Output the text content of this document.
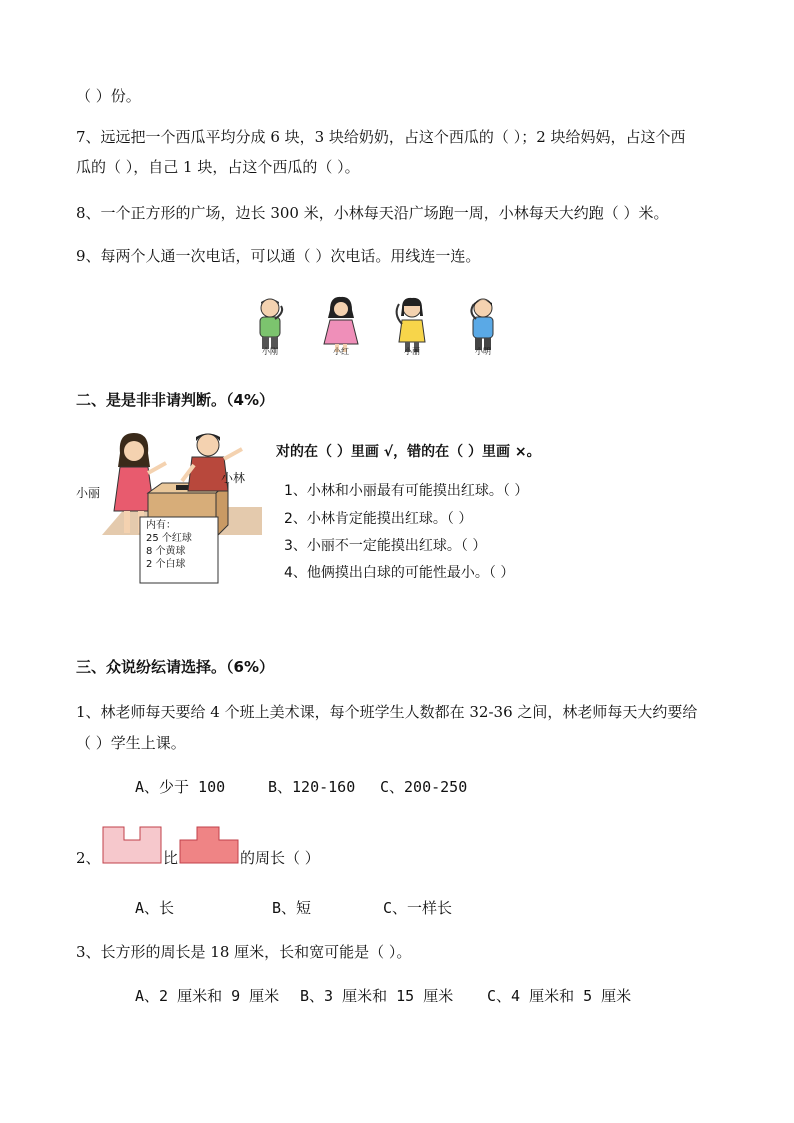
（ ）份。
7、远远把一个西瓜平均分成 6 块，3 块给奶奶，占这个西瓜的（ ）；2 块给妈妈，占这个西
瓜的（ ），自己 1 块，占这个西瓜的（ ）。
8、一个正方形的广场，边长 300 米，小林每天沿广场跑一周，小林每天大约跑（ ）米。
9、每两个人通一次电话，可以通（ ）次电话。用线连一连。
小刚	小红	小丽	小明
二、是是非非请判断。（4%）
小丽
小林
内有：
25 个红球
8 个黄球
2 个白球
对的在（ ）里画 √，错的在（ ）里画 ×。
1、小林和小丽最有可能摸出红球。（ ）
2、小林肯定能摸出红球。（ ）
3、小丽不一定能摸出红球。（ ）
4、他俩摸出白球的可能性最小。（ ）
三、众说纷纭请选择。（6%）
1、林老师每天要给 4 个班上美术课，每个班学生人数都在 32-36 之间，林老师每天大约要给
（ ）学生上课。
A、少于 100	B、120-160 C、200-250
2、	比	的周长（ ）
A、长	B、短	C、一样长
3、长方形的周长是 18 厘米，长和宽可能是（ ）。
A、2 厘米和 9 厘米 B、3 厘米和 15 厘米 C、4 厘米和 5 厘米
